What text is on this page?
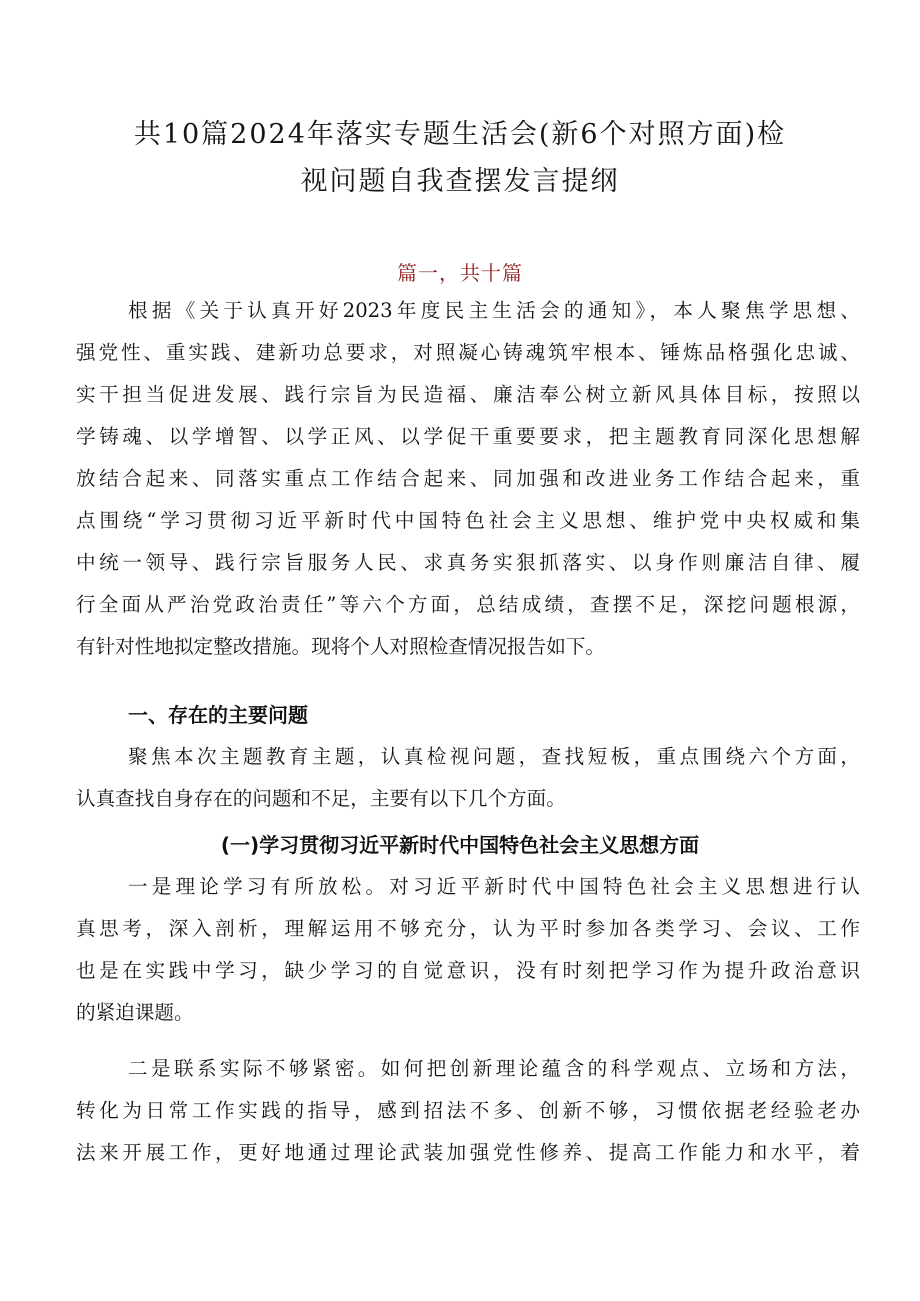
共10篇2024年落实专题生活会(新6个对照方面)检
视问题自我查摆发言提纲
篇一，共十篇

根据《关于认真开好2023年度民主生活会的通知》，本人聚焦学思想、

强党性、重实践、建新功总要求，对照凝心铸魂筑牢根本、锤炼品格强化忠诚、

实干担当促进发展、践行宗旨为民造福、廉洁奉公树立新风具体目标，按照以

学铸魂、以学增智、以学正风、以学促干重要要求，把主题教育同深化思想解

放结合起来、同落实重点工作结合起来、同加强和改进业务工作结合起来，重

点围绕“学习贯彻习近平新时代中国特色社会主义思想、维护党中央权威和集

中统一领导、践行宗旨服务人民、求真务实狠抓落实、以身作则廉洁自律、履

行全面从严治党政治责任”等六个方面，总结成绩，查摆不足，深挖问题根源，

有针对性地拟定整改措施。现将个人对照检查情况报告如下。

一、存在的主要问题

聚焦本次主题教育主题，认真检视问题，查找短板，重点围绕六个方面，

认真查找自身存在的问题和不足，主要有以下几个方面。

(一)学习贯彻习近平新时代中国特色社会主义思想方面

一是理论学习有所放松。对习近平新时代中国特色社会主义思想进行认

真思考，深入剖析，理解运用不够充分，认为平时参加各类学习、会议、工作

也是在实践中学习，缺少学习的自觉意识，没有时刻把学习作为提升政治意识

的紧迫课题。

二是联系实际不够紧密。如何把创新理论蕴含的科学观点、立场和方法，

转化为日常工作实践的指导，感到招法不多、创新不够，习惯依据老经验老办

法来开展工作，更好地通过理论武装加强党性修养、提高工作能力和水平，着
